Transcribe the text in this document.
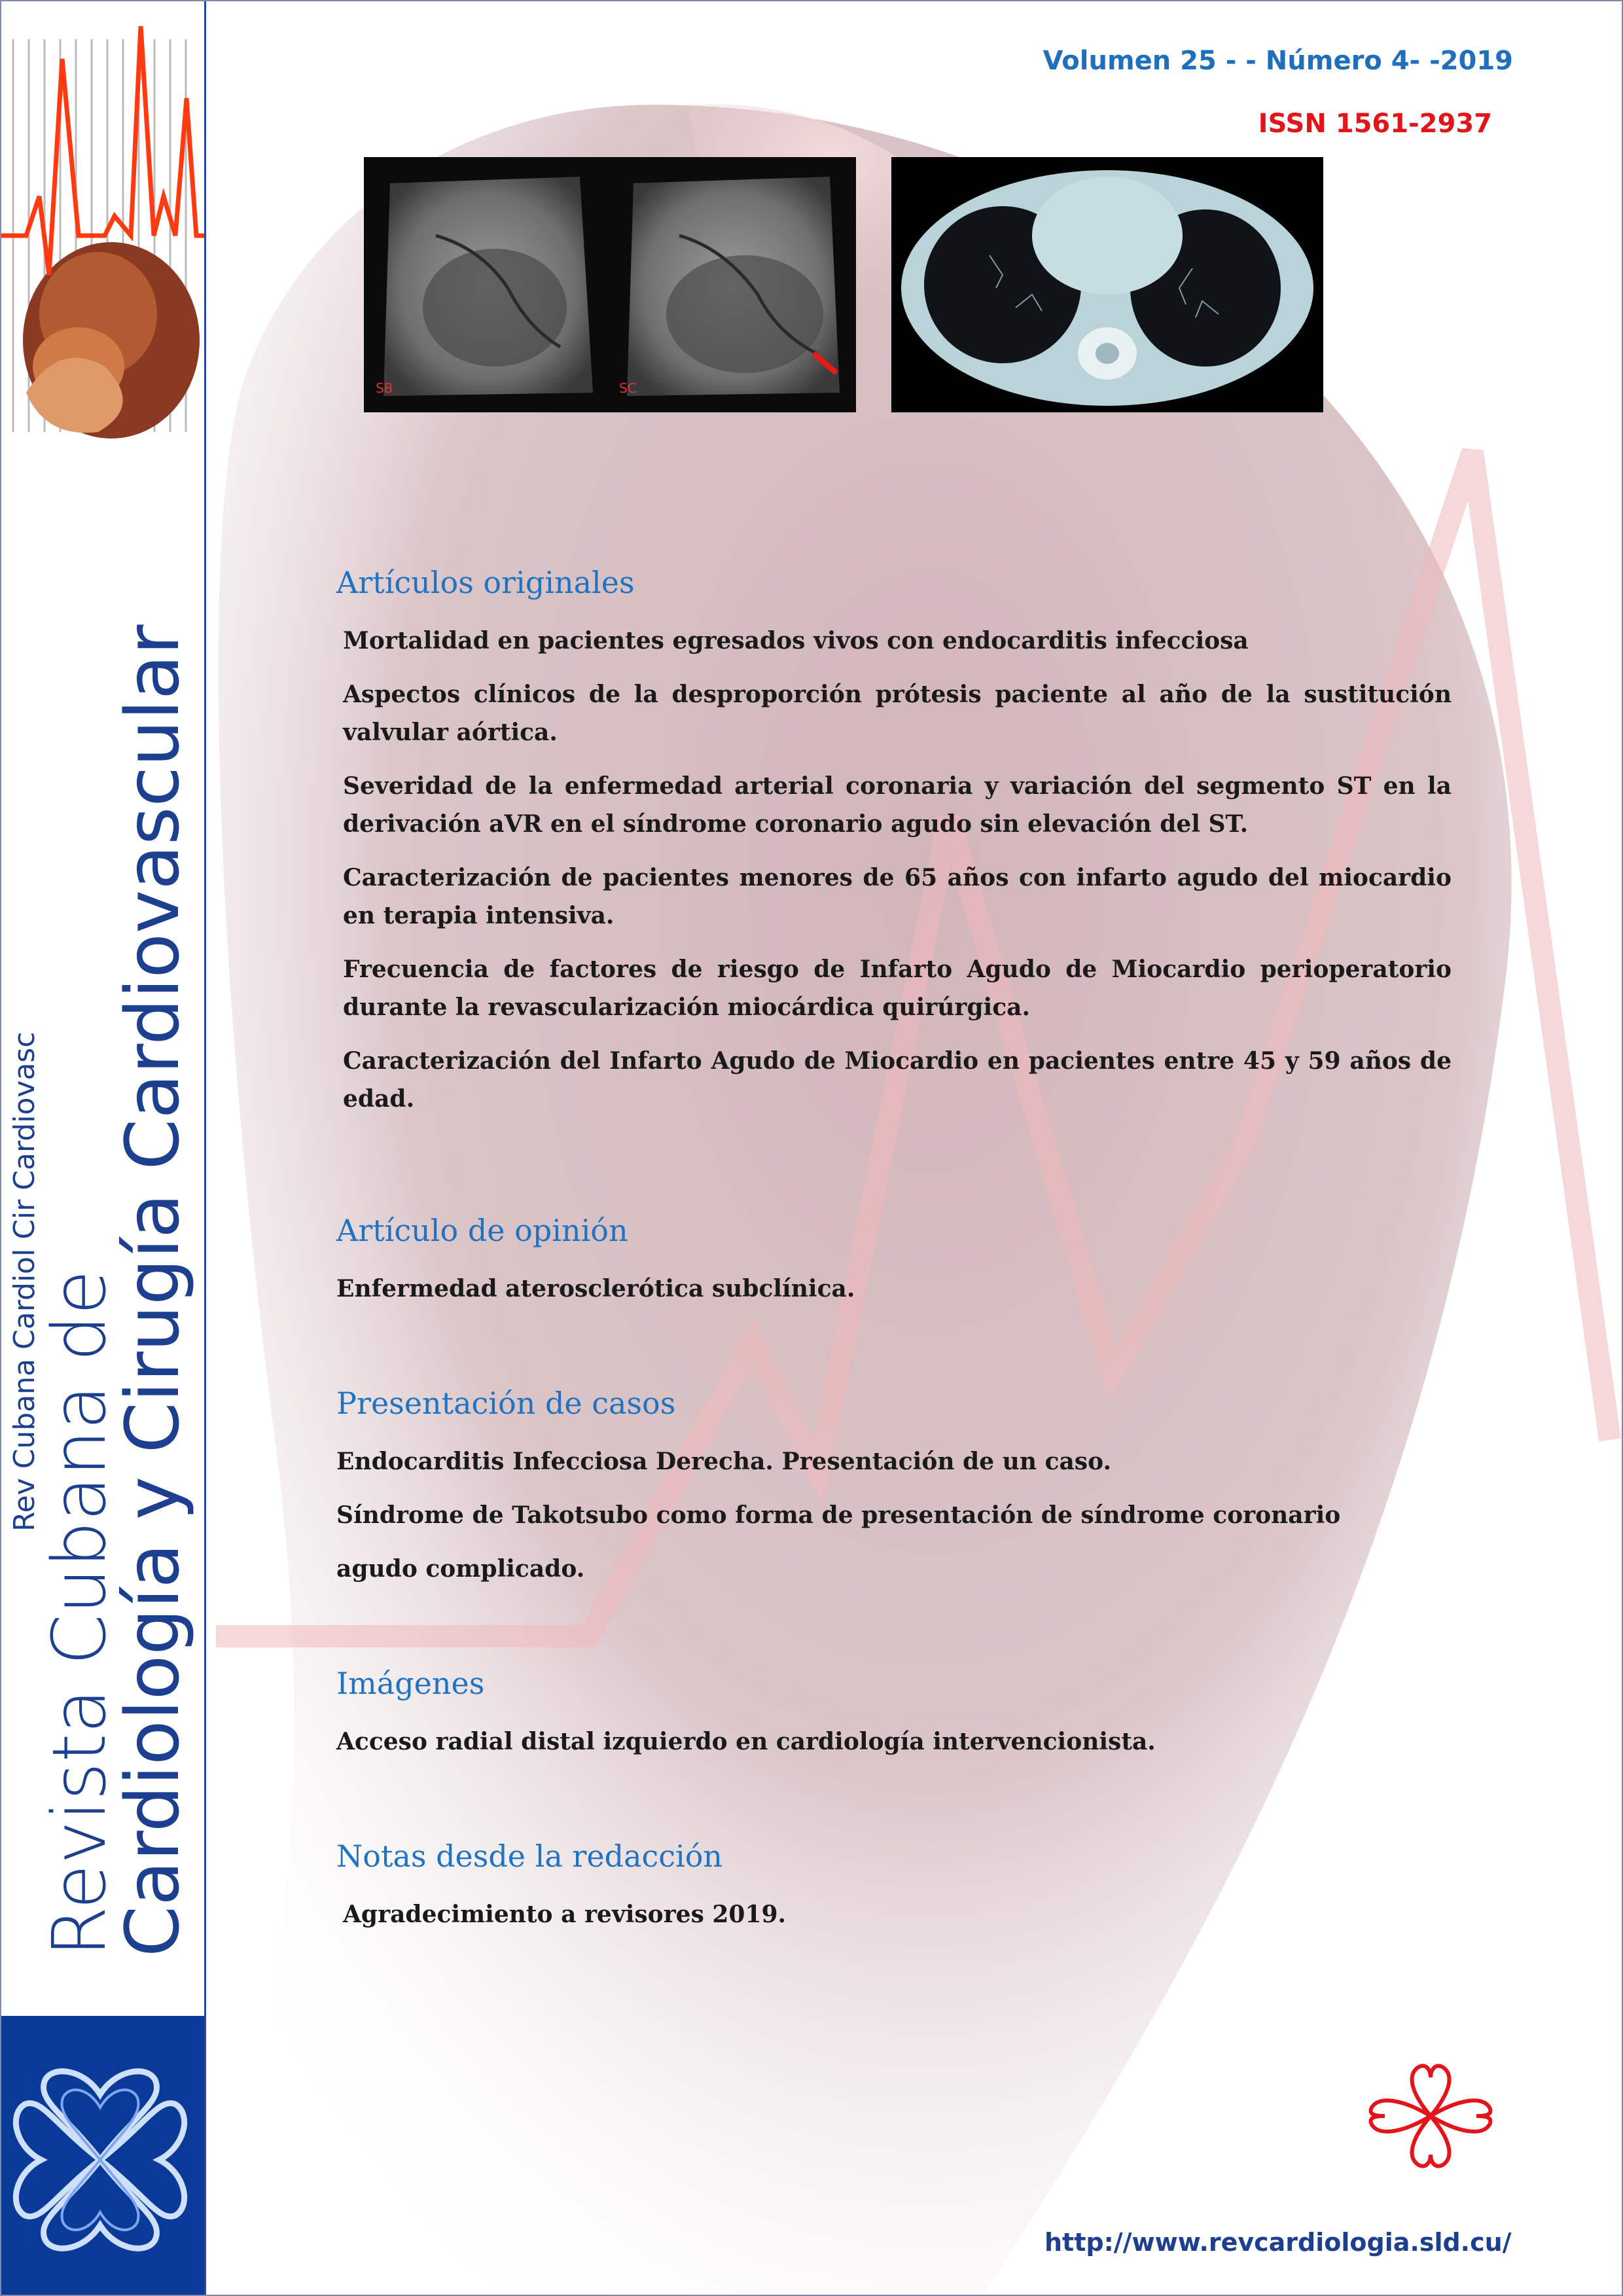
Rev Cubana Cardiol Cir Cardiovasc
Revista Cubana de
Cardiología y Cirugía Cardiovascular
Volumen 25 - - Número 4- -2019
ISSN 1561-2937
SB	SC
Artículos originales
Mortalidad en pacientes egresados vivos con endocarditis infecciosa
Aspectos clínicos de la desproporción prótesis paciente al año de la sustitución valvular aórtica.
Severidad de la enfermedad arterial coronaria y variación del segmento ST en la derivación aVR en el síndrome coronario agudo sin elevación del ST.
Caracterización de pacientes menores de 65 años con infarto agudo del miocardio en terapia intensiva.
Frecuencia de factores de riesgo de Infarto Agudo de Miocardio perioperatorio durante la revascularización miocárdica quirúrgica.
Caracterización del Infarto Agudo de Miocardio en pacientes entre 45 y 59 años de edad.
Artículo de opinión
Enfermedad aterosclerótica subclínica.
Presentación de casos
Endocarditis Infecciosa Derecha. Presentación de un caso.
Síndrome de Takotsubo como forma de presentación de síndrome coronario
agudo complicado.
Imágenes
Acceso radial distal izquierdo en cardiología intervencionista.
Notas desde la redacción
Agradecimiento a revisores 2019.
http://www.revcardiologia.sld.cu/
